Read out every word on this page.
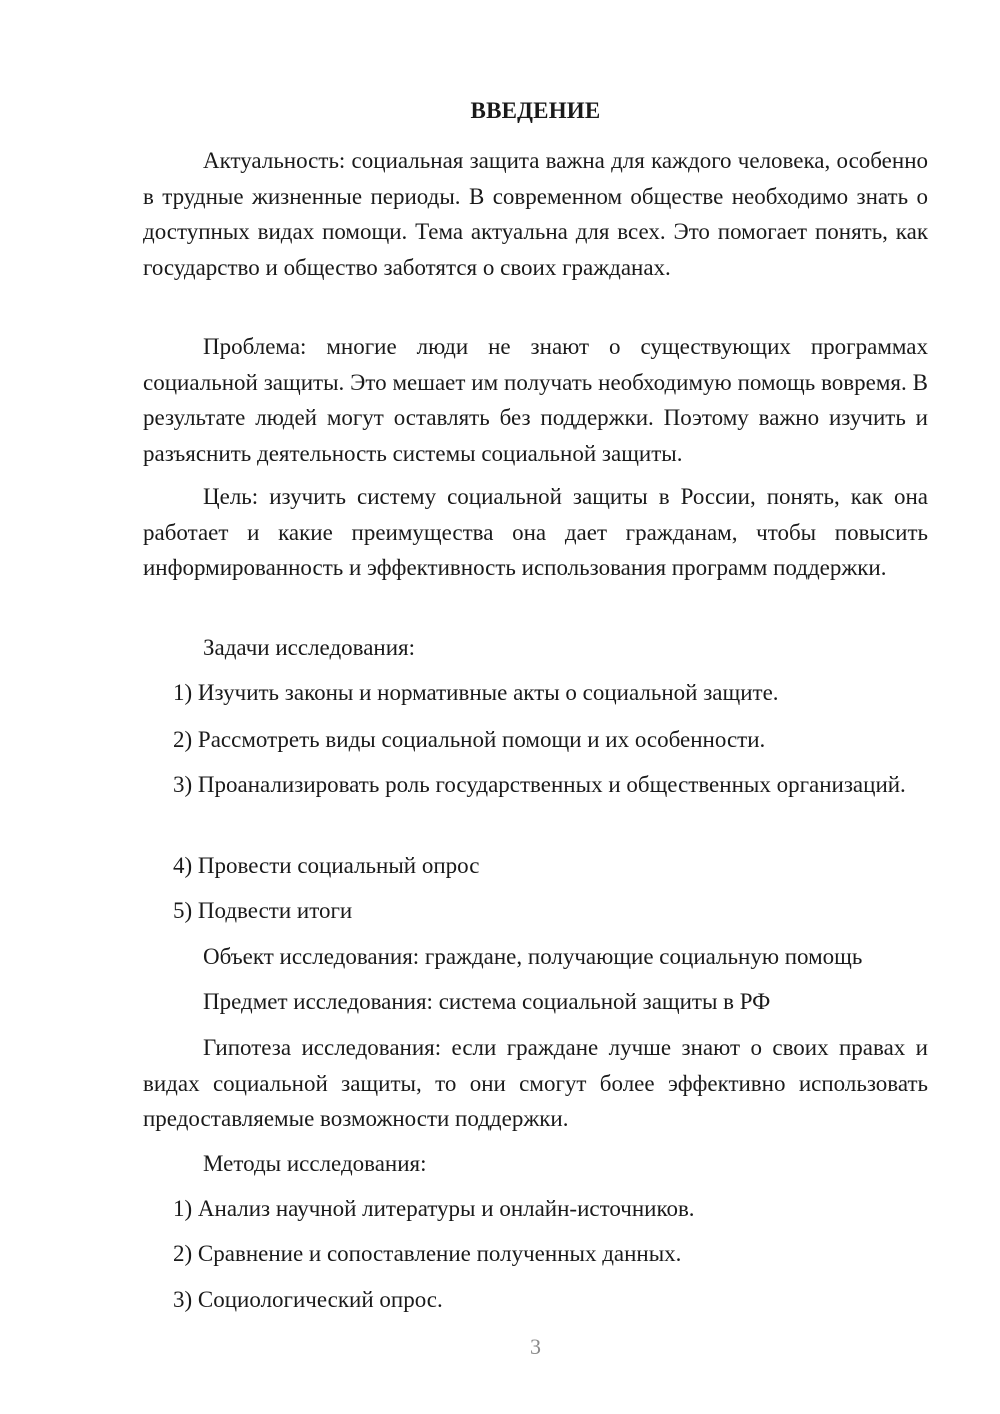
ВВЕДЕНИЕ

Актуальность: социальная защита важна для каждого человека, особенно в трудные жизненные периоды. В современном обществе необходимо знать о доступных видах помощи. Тема актуальна для всех. Это помогает понять, как государство и общество заботятся о своих гражданах.

Проблема: многие люди не знают о существующих программах социальной защиты. Это мешает им получать необходимую помощь вовремя. В результате людей могут оставлять без поддержки. Поэтому важно изучить и разъяснить деятельность системы социальной защиты.

Цель: изучить систему социальной защиты в России, понять, как она работает и какие преимущества она дает гражданам, чтобы повысить информированность и эффективность использования программ поддержки.

Задачи исследования:

1) Изучить законы и нормативные акты о социальной защите.

2) Рассмотреть виды социальной помощи и их особенности.

3) Проанализировать роль государственных и общественных организаций.

4) Провести социальный опрос

5) Подвести итоги

Объект исследования: граждане, получающие социальную помощь

Предмет исследования: система социальной защиты в РФ

Гипотеза исследования: если граждане лучше знают о своих правах и видах социальной защиты, то они смогут более эффективно использовать предоставляемые возможности поддержки.

Методы исследования:

1) Анализ научной литературы и онлайн-источников.

2) Сравнение и сопоставление полученных данных.

3) Социологический опрос.

3
